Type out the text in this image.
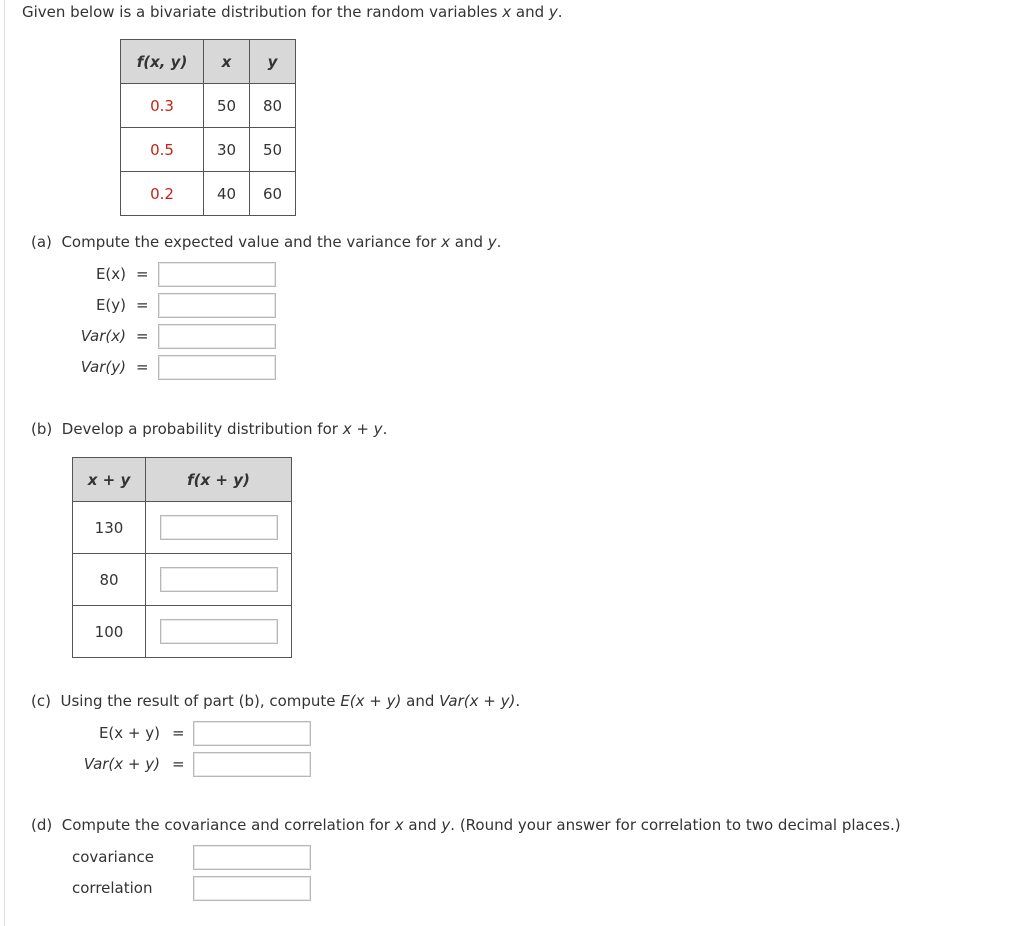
Given below is a bivariate distribution for the random variables x and y.
f(x, y)	x	y
0.3	50	80
0.5	30	50
0.2	40	60
(a) Compute the expected value and the variance for x and y.
E(x) =
E(y) =
Var(x) =
Var(y) =
(b) Develop a probability distribution for x + y.
x + y	f(x + y)
130	
80	
100	
(c) Using the result of part (b), compute E(x + y) and Var(x + y).
E(x + y) =
Var(x + y) =
(d) Compute the covariance and correlation for x and y. (Round your answer for correlation to two decimal places.)
covariance
correlation
